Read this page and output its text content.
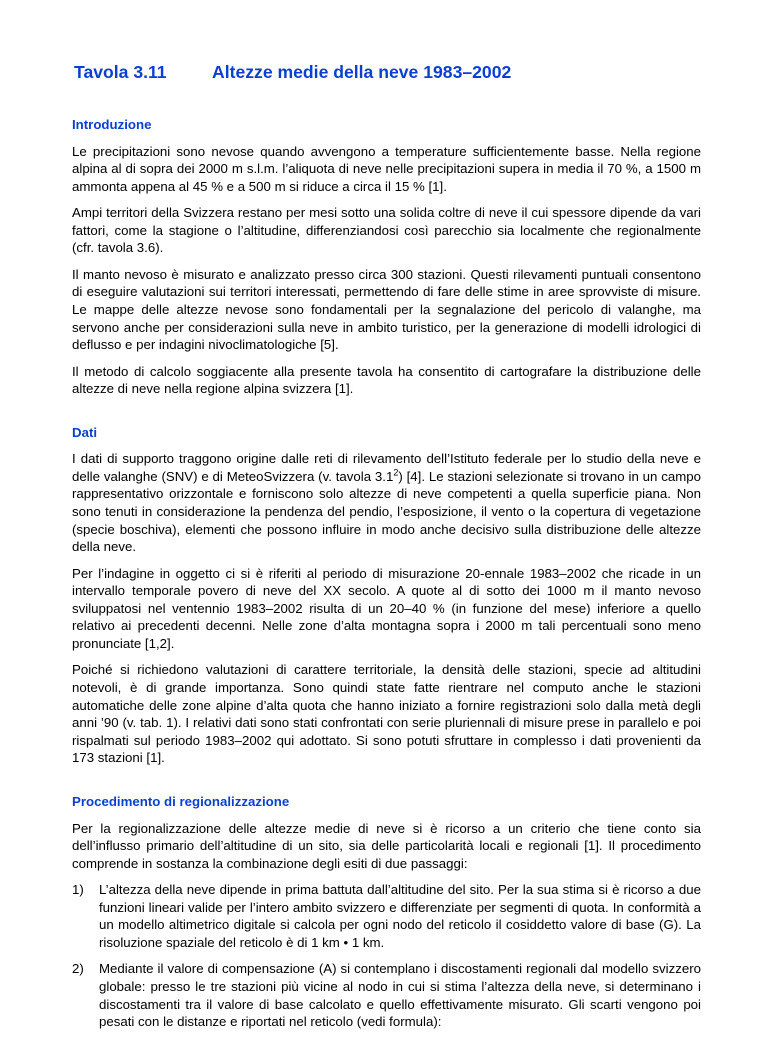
Tavola 3.11	Altezze medie della neve 1983–2002
Introduzione

Le precipitazioni sono nevose quando avvengono a temperature sufficientemente basse. Nella regione alpina al di sopra dei 2000 m s.l.m. l’aliquota di neve nelle precipitazioni supera in media il 70 %, a 1500 m ammonta appena al 45 % e a 500 m si riduce a circa il 15 % [1].

Ampi territori della Svizzera restano per mesi sotto una solida coltre di neve il cui spessore dipende da vari fattori, come la stagione o l’altitudine, differenziandosi così parecchio sia localmente che regionalmente (cfr. tavola 3.6).

Il manto nevoso è misurato e analizzato presso circa 300 stazioni. Questi rilevamenti puntuali consentono di eseguire valutazioni sui territori interessati, permettendo di fare delle stime in aree sprovviste di misure. Le mappe delle altezze nevose sono fondamentali per la segnalazione del pericolo di valanghe, ma servono anche per considerazioni sulla neve in ambito turistico, per la generazione di modelli idrologici di deflusso e per indagini nivoclimatologiche [5].

Il metodo di calcolo soggiacente alla presente tavola ha consentito di cartografare la distribuzione delle altezze di neve nella regione alpina svizzera [1].

Dati

I dati di supporto traggono origine dalle reti di rilevamento dell’Istituto federale per lo studio della neve e delle valanghe (SNV) e di MeteoSvizzera (v. tavola $3.1^2$) [4]. Le stazioni selezionate si trovano in un campo rappresentativo orizzontale e forniscono solo altezze di neve competenti a quella superficie piana. Non sono tenuti in considerazione la pendenza del pendio, l’esposizione, il vento o la copertura di vegetazione (specie boschiva), elementi che possono influire in modo anche decisivo sulla distribuzione delle altezze della neve.

Per l’indagine in oggetto ci si è riferiti al periodo di misurazione 20-ennale 1983–2002 che ricade in un intervallo temporale povero di neve del XX secolo. A quote al di sotto dei 1000 m il manto nevoso sviluppatosi nel ventennio 1983–2002 risulta di un 20–40 % (in funzione del mese) inferiore a quello relativo ai precedenti decenni. Nelle zone d’alta montagna sopra i 2000 m tali percentuali sono meno pronunciate [1,2].

Poiché si richiedono valutazioni di carattere territoriale, la densità delle stazioni, specie ad altitudini notevoli, è di grande importanza. Sono quindi state fatte rientrare nel computo anche le stazioni automatiche delle zone alpine d’alta quota che hanno iniziato a fornire registrazioni solo dalla metà degli anni ’90 (v. tab. 1). I relativi dati sono stati confrontati con serie pluriennali di misure prese in parallelo e poi rispalmati sul periodo 1983–2002 qui adottato. Si sono potuti sfruttare in complesso i dati provenienti da 173 stazioni [1].

Procedimento di regionalizzazione

Per la regionalizzazione delle altezze medie di neve si è ricorso a un criterio che tiene conto sia dell’influsso primario dell’altitudine di un sito, sia delle particolarità locali e regionali [1]. Il procedimento comprende in sostanza la combinazione degli esiti di due passaggi:

1) L’altezza della neve dipende in prima battuta dall’altitudine del sito. Per la sua stima si è ricorso a due funzioni lineari valide per l’intero ambito svizzero e differenziate per segmenti di quota. In conformità a un modello altimetrico digitale si calcola per ogni nodo del reticolo il cosiddetto valore di base (G). La risoluzione spaziale del reticolo è di 1 km • 1 km.
2) Mediante il valore di compensazione (A) si contemplano i discostamenti regionali dal modello svizzero globale: presso le tre stazioni più vicine al nodo in cui si stima l’altezza della neve, si determinano i discostamenti tra il valore di base calcolato e quello effettivamente misurato. Gli scarti vengono poi pesati con le distanze e riportati nel reticolo (vedi formula):
